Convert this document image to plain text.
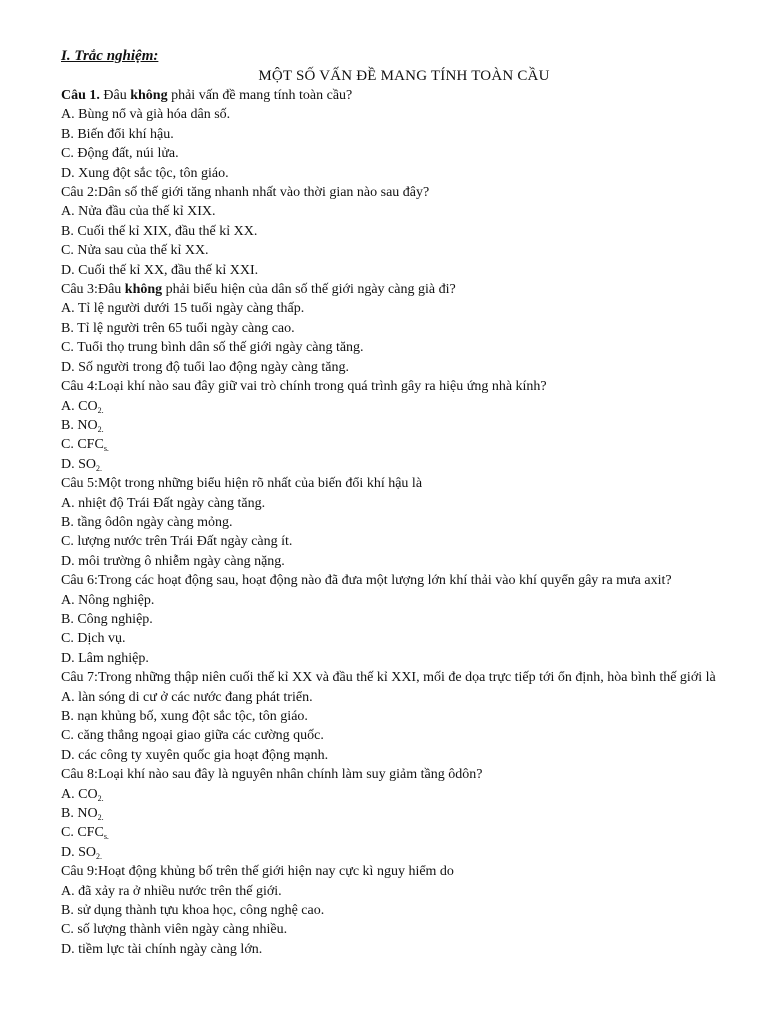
I. Trắc nghiệm:

MỘT SỐ VẤN ĐỀ MANG TÍNH TOÀN CẦU

Câu 1. Đâu không phải vấn đề mang tính toàn cầu?
A. Bùng nổ và già hóa dân số.
B. Biến đổi khí hậu.
C. Động đất, núi lửa.
D. Xung đột sắc tộc, tôn giáo.
Câu 2:Dân số thế giới tăng nhanh nhất vào thời gian nào sau đây?
A. Nửa đầu của thế kỉ XIX.
B. Cuối thế kỉ XIX, đầu thế kỉ XX.
C. Nửa sau của thế kỉ XX.
D. Cuối thế kỉ XX, đầu thế kỉ XXI.
Câu 3:Đâu không phải biểu hiện của dân số thế giới ngày càng già đi?
A. Tỉ lệ người dưới 15 tuổi ngày càng thấp.
B. Tỉ lệ người trên 65 tuổi ngày càng cao.
C. Tuổi thọ trung bình dân số thế giới ngày càng tăng.
D. Số người trong độ tuổi lao động ngày càng tăng.
Câu 4:Loại khí nào sau đây giữ vai trò chính trong quá trình gây ra hiệu ứng nhà kính?
A. $CO_{2.}$
B. $NO_{2.}$
C. $CFC_{s.}$
D. $SO_{2.}$
Câu 5:Một trong những biểu hiện rõ nhất của biến đổi khí hậu là
A. nhiệt độ Trái Đất ngày càng tăng.
B. tầng ôdôn ngày càng mỏng.
C. lượng nước trên Trái Đất ngày càng ít.
D. môi trường ô nhiễm ngày càng nặng.
Câu 6:Trong các hoạt động sau, hoạt động nào đã đưa một lượng lớn khí thải vào khí quyển gây ra mưa axit?
A. Nông nghiệp.
B. Công nghiệp.
C. Dịch vụ.
D. Lâm nghiệp.
Câu 7:Trong những thập niên cuối thế kỉ XX và đầu thế kỉ XXI, mối đe dọa trực tiếp tới ổn định, hòa bình thế giới là
A. làn sóng di cư ở các nước đang phát triển.
B. nạn khủng bố, xung đột sắc tộc, tôn giáo.
C. căng thẳng ngoại giao giữa các cường quốc.
D. các công ty xuyên quốc gia hoạt động mạnh.
Câu 8:Loại khí nào sau đây là nguyên nhân chính làm suy giảm tầng ôdôn?
A. $CO_{2.}$
B. $NO_{2.}$
C. $CFC_{s.}$
D. $SO_{2.}$
Câu 9:Hoạt động khủng bố trên thế giới hiện nay cực kì nguy hiểm do
A. đã xảy ra ở nhiều nước trên thế giới.
B. sử dụng thành tựu khoa học, công nghệ cao.
C. số lượng thành viên ngày càng nhiều.
D. tiềm lực tài chính ngày càng lớn.
